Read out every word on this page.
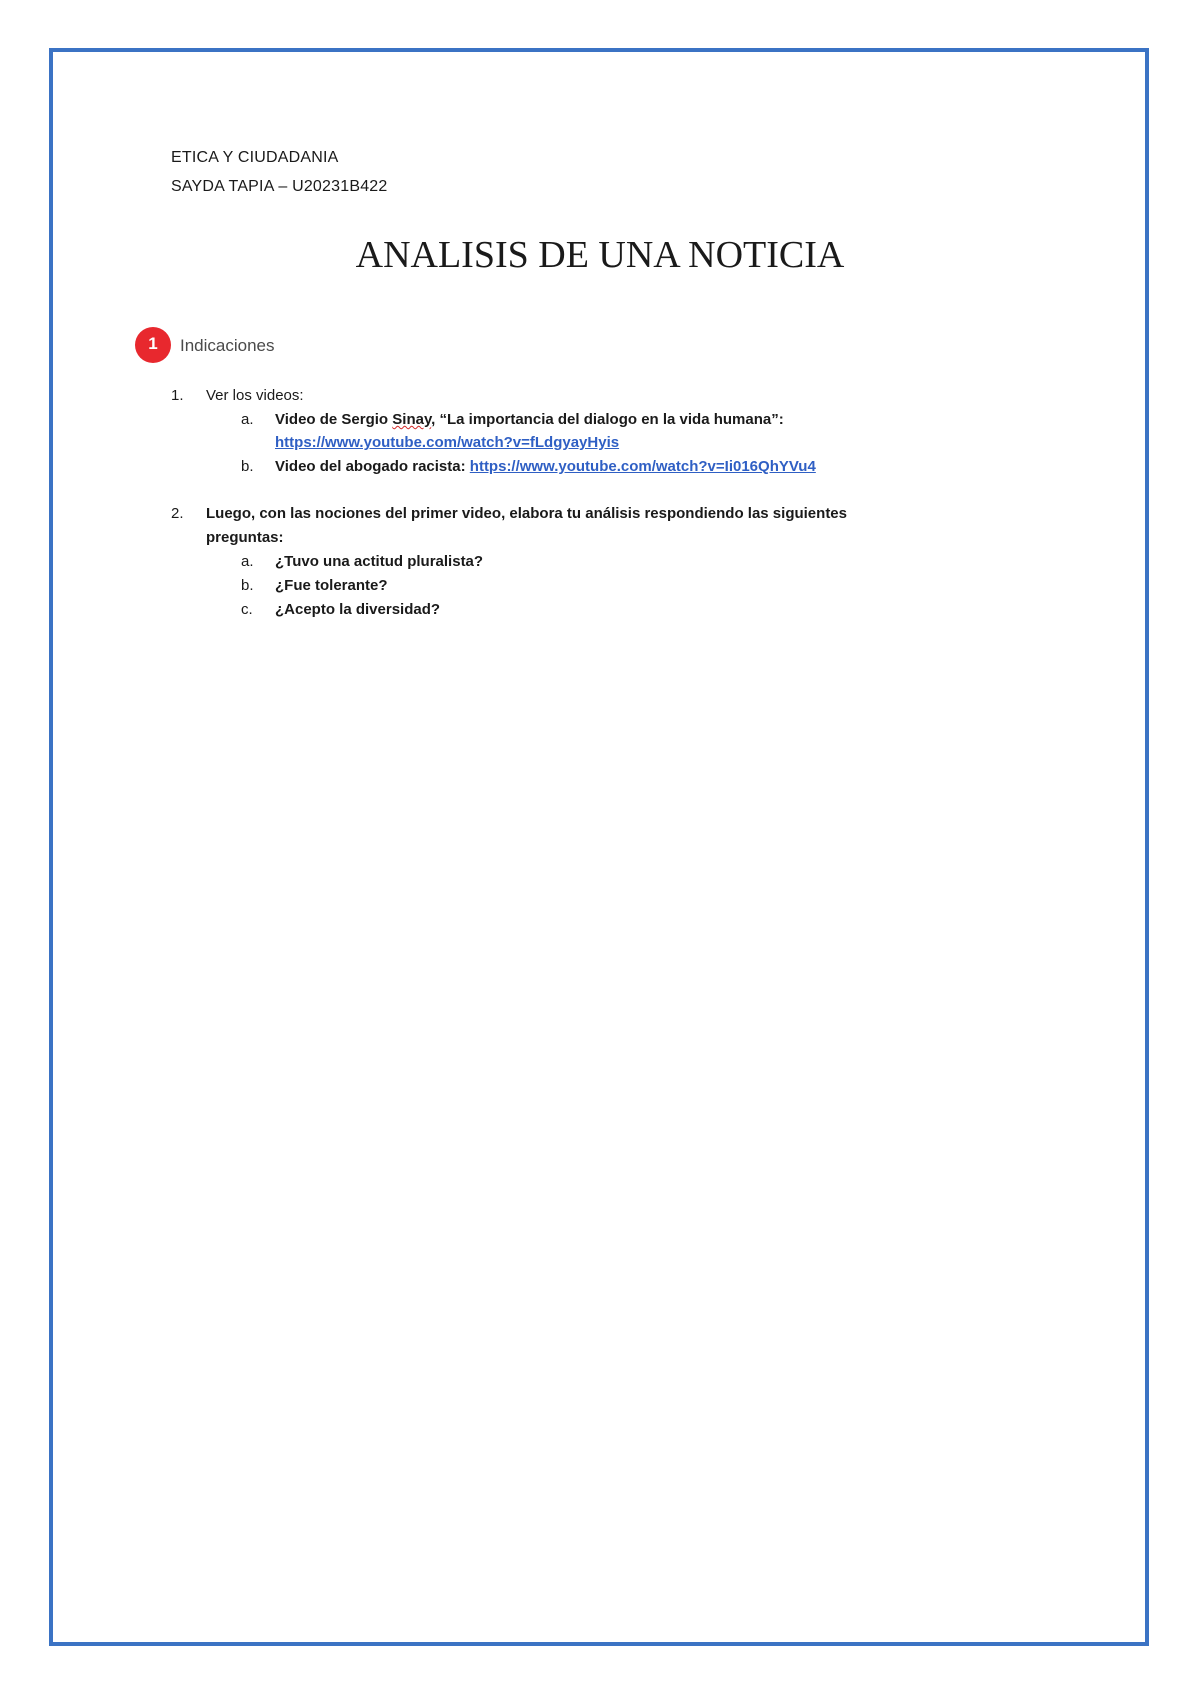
ETICA Y CIUDADANIA
SAYDA TAPIA – U20231B422
ANALISIS DE UNA NOTICIA
1	Indicaciones
1. Ver los videos:
a. Video de Sergio Sinay, “La importancia del dialogo en la vida humana”:
https://www.youtube.com/watch?v=fLdgyayHyis
b. Video del abogado racista: https://www.youtube.com/watch?v=Ii016QhYVu4
2. Luego, con las nociones del primer video, elabora tu análisis respondiendo las siguientes
preguntas:
a. ¿Tuvo una actitud pluralista?
b. ¿Fue tolerante?
c. ¿Acepto la diversidad?
